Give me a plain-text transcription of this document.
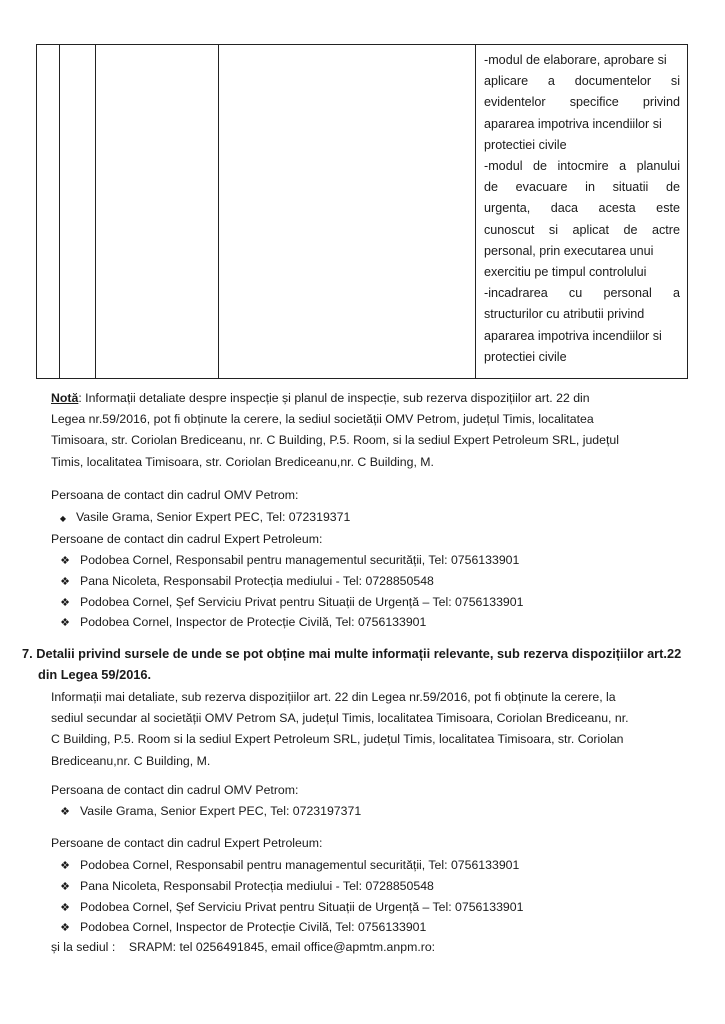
-modul de elaborare, aprobare si
aplicare a documentelor si
evidentelor specifice privind
apararea impotriva incendiilor si
protectiei civile
-modul de intocmire a planului
de evacuare in situatii de
urgenta, daca acesta este
cunoscut si aplicat de actre
personal, prin executarea unui
exercitiu pe timpul controlului
-incadrarea cu personal a
structurilor cu atributii privind
apararea impotriva incendiilor si
protectiei civile
Notă: Informații detaliate despre inspecție și planul de inspecție, sub rezerva dispozițiilor art. 22 din
Legea nr.59/2016, pot fi obținute la cerere, la sediul societății OMV Petrom, județul Timis, localitatea
Timisoara, str. Coriolan Brediceanu, nr. C Building, P.5. Room, si la sediul Expert Petroleum SRL, județul
Timis, localitatea Timisoara, str. Coriolan Brediceanu,nr. C Building, M.
Persoana de contact din cadrul OMV Petrom:
◆ Vasile Grama, Senior Expert PEC, Tel: 072319371
Persoane de contact din cadrul Expert Petroleum:
❖ Podobea Cornel, Responsabil pentru managementul securității, Tel: 0756133901
❖ Pana Nicoleta, Responsabil Protecția mediului - Tel: 0728850548
❖ Podobea Cornel, Șef Serviciu Privat pentru Situații de Urgență – Tel: 0756133901
❖ Podobea Cornel, Inspector de Protecție Civilă, Tel: 0756133901
7. Detalii privind sursele de unde se pot obține mai multe informații relevante, sub rezerva dispozițiilor art.22
din Legea 59/2016.
Informații mai detaliate, sub rezerva dispozițiilor art. 22 din Legea nr.59/2016, pot fi obținute la cerere, la
sediul secundar al societății OMV Petrom SA, județul Timis, localitatea Timisoara, Coriolan Brediceanu, nr.
C Building, P.5. Room si la sediul Expert Petroleum SRL, județul Timis, localitatea Timisoara, str. Coriolan
Brediceanu,nr. C Building, M.
Persoana de contact din cadrul OMV Petrom:
❖ Vasile Grama, Senior Expert PEC, Tel: 0723197371
Persoane de contact din cadrul Expert Petroleum:
❖ Podobea Cornel, Responsabil pentru managementul securității, Tel: 0756133901
❖ Pana Nicoleta, Responsabil Protecția mediului - Tel: 0728850548
❖ Podobea Cornel, Șef Serviciu Privat pentru Situații de Urgență – Tel: 0756133901
❖ Podobea Cornel, Inspector de Protecție Civilă, Tel: 0756133901
și la sediul :    SRAPM: tel 0256491845, email office@apmtm.anpm.ro:
